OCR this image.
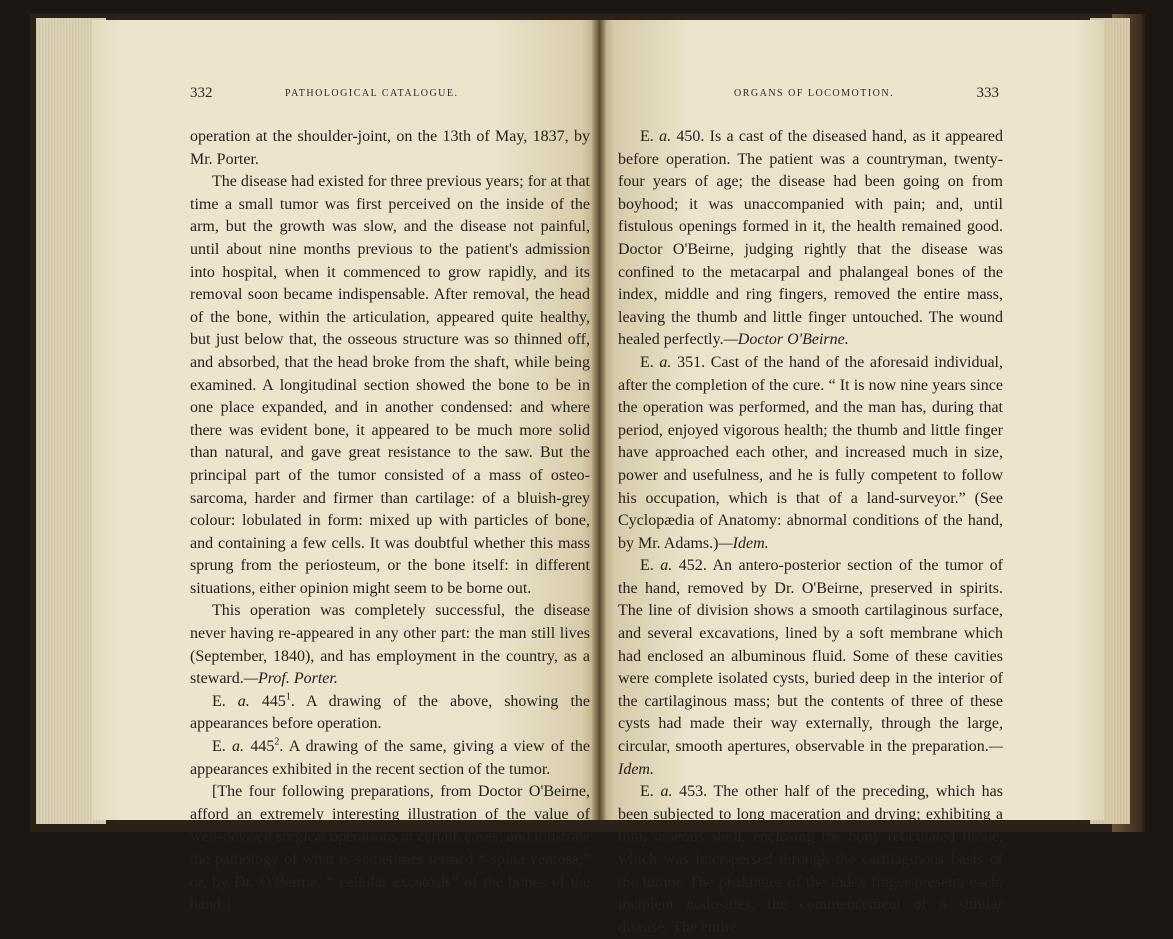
332	PATHOLOGICAL CATALOGUE.

operation at the shoulder-joint, on the 13th of May, 1837, by Mr. Porter.

The disease had existed for three previous years; for at that time a small tumor was first perceived on the inside of the arm, but the growth was slow, and the disease not painful, until about nine months previous to the patient's admission into hospital, when it commenced to grow rapidly, and its removal soon became indispensable. After removal, the head of the bone, within the articulation, appeared quite healthy, but just below that, the osseous structure was so thinned off, and absorbed, that the head broke from the shaft, while being examined. A longitudinal section showed the bone to be in one place expanded, and in another condensed: and where there was evident bone, it appeared to be much more solid than natural, and gave great resistance to the saw. But the principal part of the tumor consisted of a mass of osteo-sarcoma, harder and firmer than cartilage: of a bluish-grey colour: lobulated in form: mixed up with particles of bone, and containing a few cells. It was doubtful whether this mass sprung from the periosteum, or the bone itself: in different situations, either opinion might seem to be borne out.

This operation was completely successful, the disease never having re-appeared in any other part: the man still lives (September, 1840), and has employment in the country, as a steward.—Prof. Porter.

E. a. $445^1$. A drawing of the above, showing the appearances before operation.

E. a. $445^2$. A drawing of the same, giving a view of the appearances exhibited in the recent section of the tumor.

[The four following preparations, from Doctor O'Beirne, afford an extremely interesting illustration of the value of well-devised surgical operations in certain cases; and illustrate the pathology of what is sometimes termed “ spina ventosa,” or, by Dr. O'Beirne, “ cellular exostosis” of the bones of the hand.]

ORGANS OF LOCOMOTION.	333

E. a. 450. Is a cast of the diseased hand, as it appeared before operation. The patient was a countryman, twenty-four years of age; the disease had been going on from boyhood; it was unaccompanied with pain; and, until fistulous openings formed in it, the health remained good. Doctor O'Beirne, judging rightly that the disease was confined to the metacarpal and phalangeal bones of the index, middle and ring fingers, removed the entire mass, leaving the thumb and little finger untouched. The wound healed perfectly.—Doctor O'Beirne.

E. a. 351. Cast of the hand of the aforesaid individual, after the completion of the cure. “ It is now nine years since the operation was performed, and the man has, during that period, enjoyed vigorous health; the thumb and little finger have approached each other, and increased much in size, power and usefulness, and he is fully competent to follow his occupation, which is that of a land-surveyor.” (See Cyclopædia of Anatomy: abnormal conditions of the hand, by Mr. Adams.)—Idem.

E. a. 452. An antero-posterior section of the tumor of the hand, removed by Dr. O'Beirne, preserved in spirits. The line of division shows a smooth cartilaginous surface, and several excavations, lined by a soft membrane which had enclosed an albuminous fluid. Some of these cavities were complete isolated cysts, buried deep in the interior of the cartilaginous mass; but the contents of three of these cysts had made their way externally, through the large, circular, smooth apertures, observable in the preparation.—Idem.

E. a. 453. The other half of the preceding, which has been subjected to long maceration and drying; exhibiting a thin, osseous shell, enclosing the bony reticulated tissue, which was interspersed through the cartilaginous basis of the tumor. The phalanges of the index finger present, each, incipient nodosities, the commencement of a similar disease. The entire
